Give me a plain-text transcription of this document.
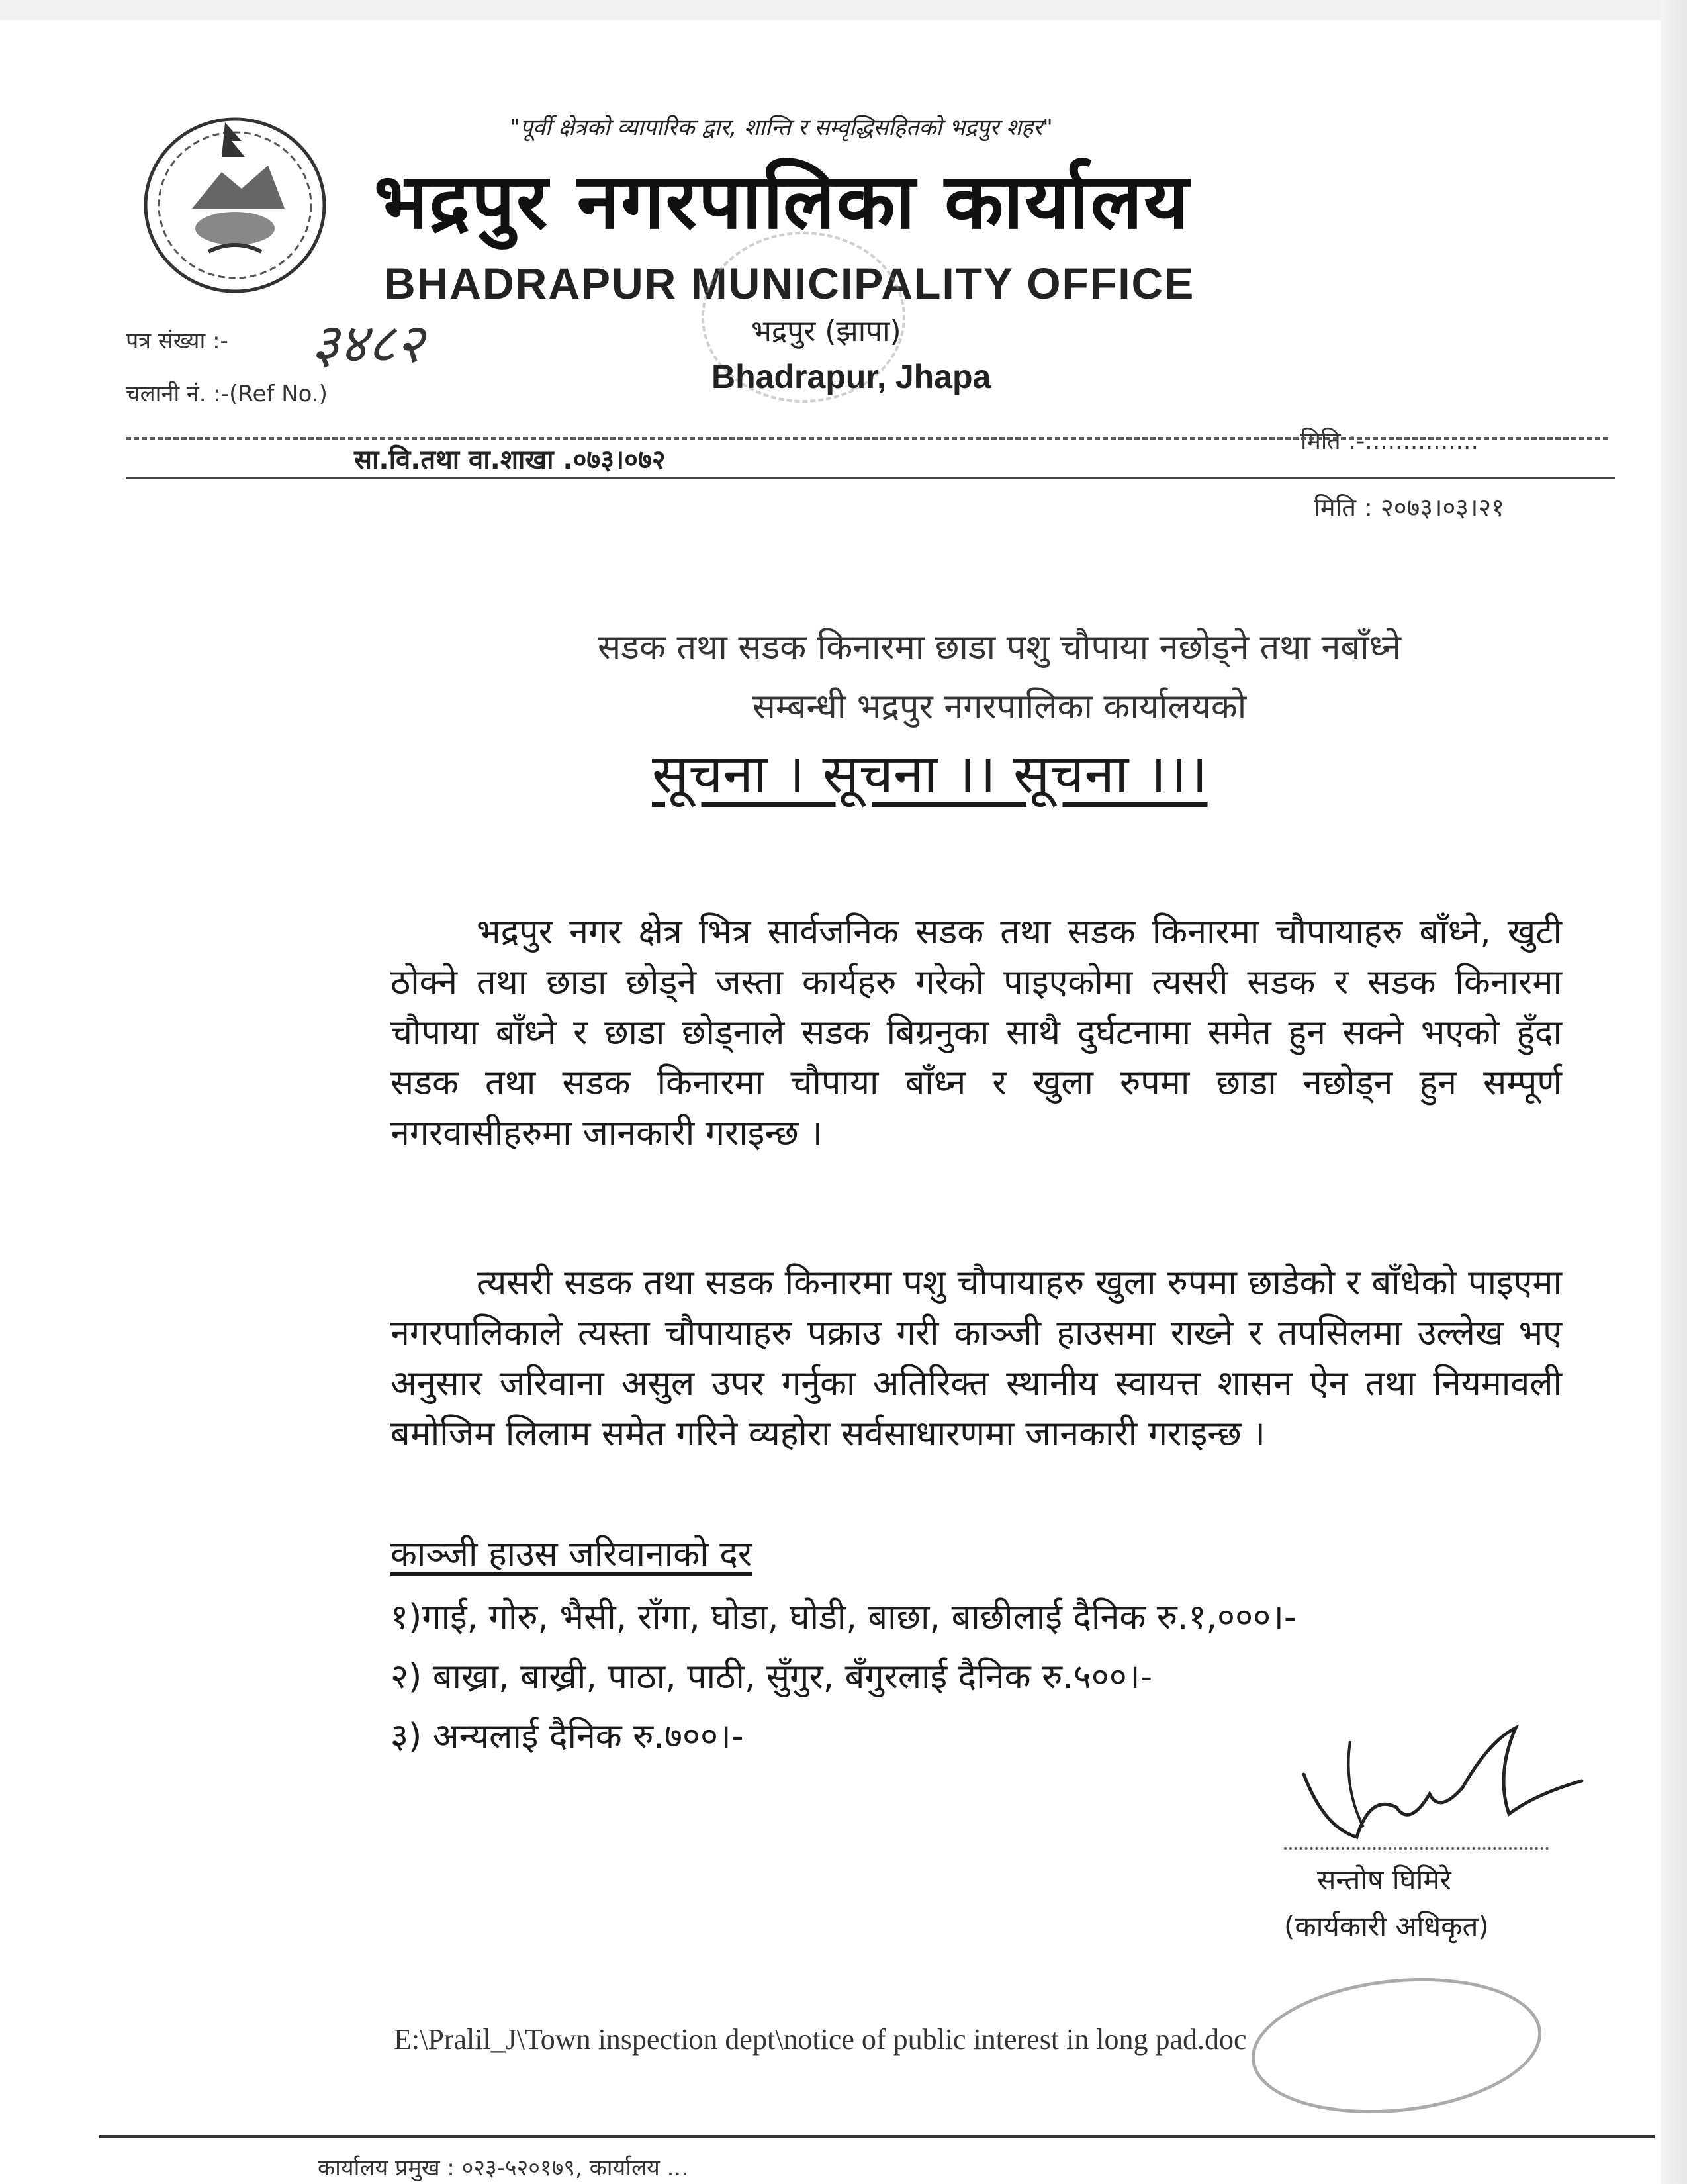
"पूर्वी क्षेत्रको व्यापारिक द्वार, शान्ति र सम्वृद्धिसहितको भद्रपुर शहर"
भद्रपुर नगरपालिका कार्यालय
BHADRAPUR MUNICIPALITY OFFICE
भद्रपुर (झापा)
Bhadrapur, Jhapa
पत्र संख्या :- ३४८२
चलानी नं. :-(Ref No.)
मिति :-...............
सा.वि.तथा वा.शाखा .०७३।०७२
मिति : २०७३।०३।२१
सडक तथा सडक किनारमा छाडा पशु चौपाया नछोड्ने तथा नबाँध्ने
सम्बन्धी भद्रपुर नगरपालिका कार्यालयको
सूचना । सूचना ।। सूचना ।।।
भद्रपुर नगर क्षेत्र भित्र सार्वजनिक सडक तथा सडक किनारमा चौपायाहरु बाँध्ने, खुटी ठोक्ने तथा छाडा छोड्ने जस्ता कार्यहरु गरेको पाइएकोमा त्यसरी सडक र सडक किनारमा चौपाया बाँध्ने र छाडा छोड्नाले सडक बिग्रनुका साथै दुर्घटनामा समेत हुन सक्ने भएको हुँदा सडक तथा सडक किनारमा चौपाया बाँध्न र खुला रुपमा छाडा नछोड्न हुन सम्पूर्ण नगरवासीहरुमा जानकारी गराइन्छ ।
त्यसरी सडक तथा सडक किनारमा पशु चौपायाहरु खुला रुपमा छाडेको र बाँधेको पाइएमा नगरपालिकाले त्यस्ता चौपायाहरु पक्राउ गरी काञ्जी हाउसमा राख्ने र तपसिलमा उल्लेख भए अनुसार जरिवाना असुल उपर गर्नुका अतिरिक्त स्थानीय स्वायत्त शासन ऐन तथा नियमावली बमोजिम लिलाम समेत गरिने व्यहोरा सर्वसाधारणमा जानकारी गराइन्छ ।
काञ्जी हाउस जरिवानाको दर
१)गाई, गोरु, भैसी, राँगा, घोडा, घोडी, बाछा, बाछीलाई दैनिक रु.१,०००।-
२) बाख्रा, बाख्री, पाठा, पाठी, सुँगुर, बँगुरलाई दैनिक रु.५००।-
३) अन्यलाई दैनिक रु.७००।-
सन्तोष घिमिरे
(कार्यकारी अधिकृत)
E:\Pralil_J\Town inspection dept\notice of public interest in long pad.doc
कार्यालय प्रमुख : ०२३-५२०१७९, कार्यालय ...
